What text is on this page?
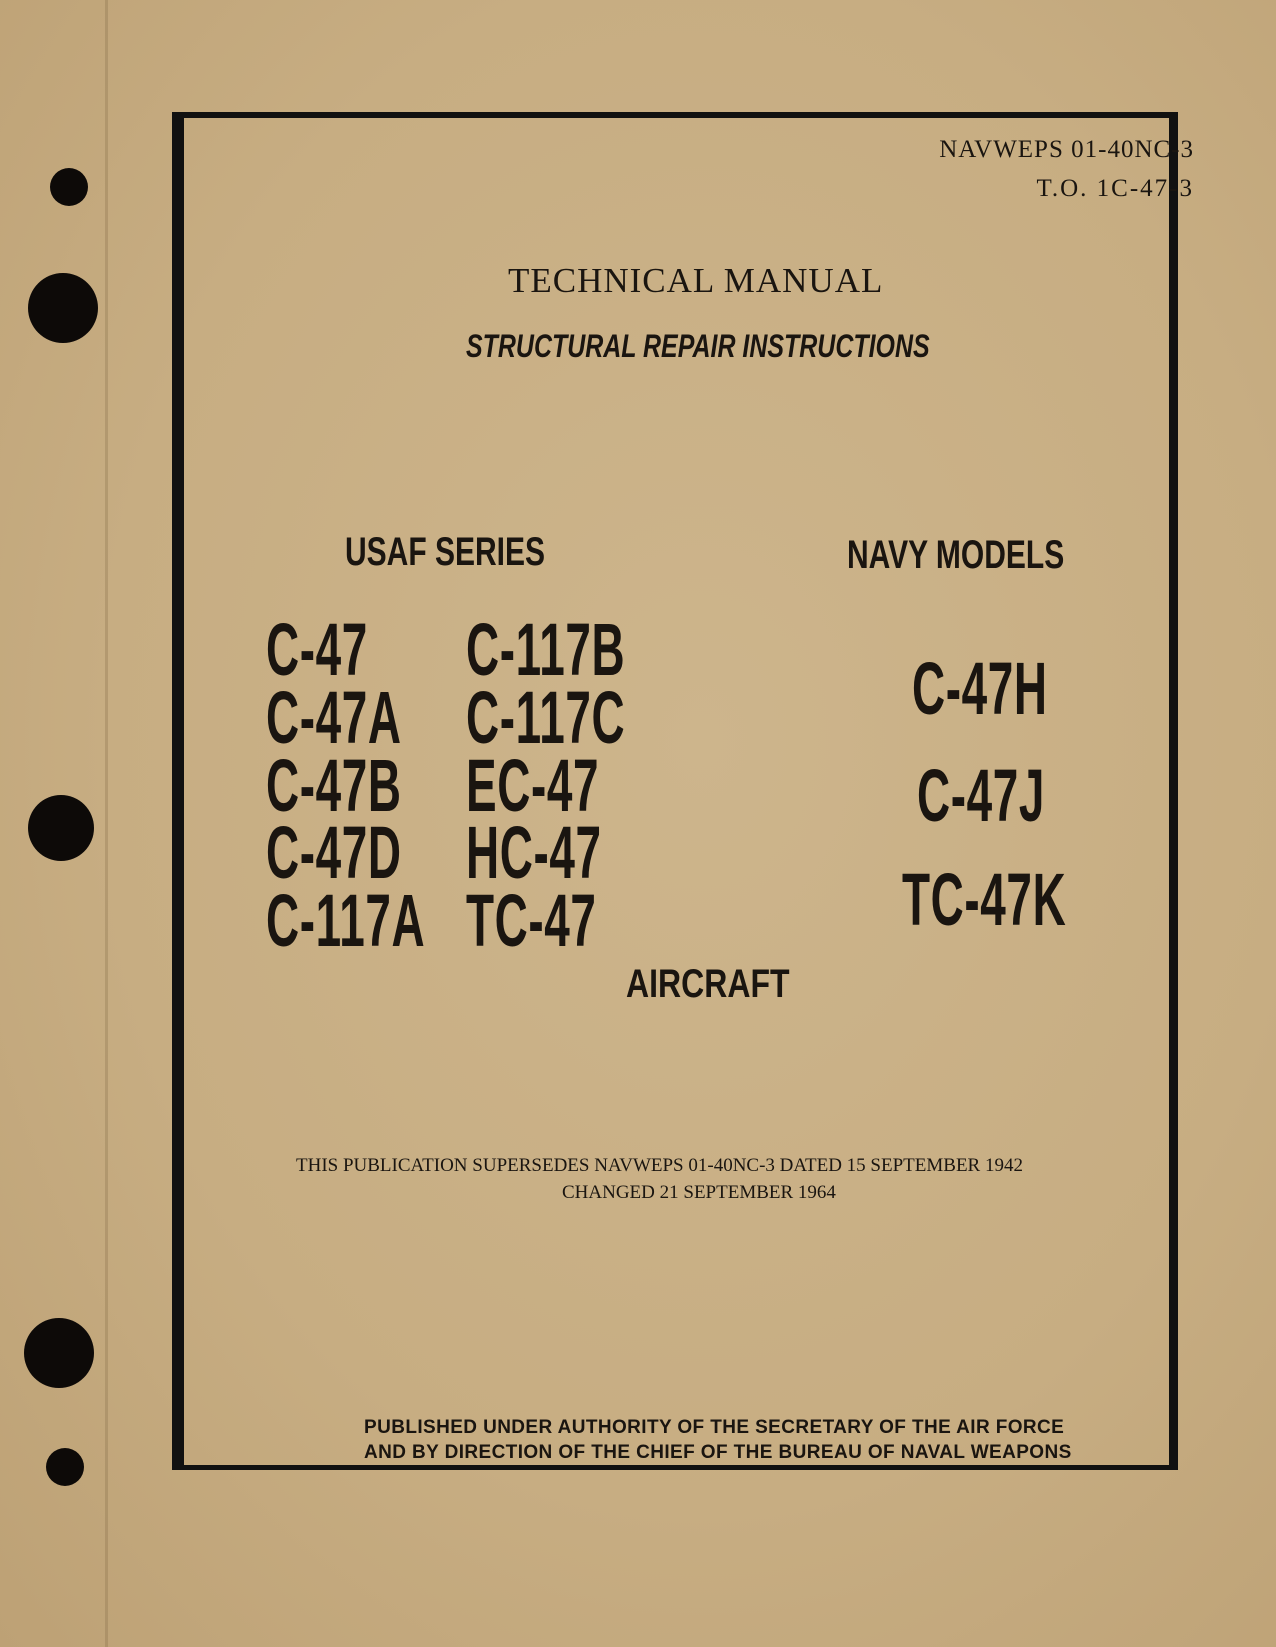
NAVWEPS 01-40NC-3
T.O. 1C-47-3
TECHNICAL MANUAL
STRUCTURAL REPAIR INSTRUCTIONS
USAF SERIES	NAVY MODELS
C-47
C-47A
C-47B
C-47D
C-117A
C-117B
C-117C
EC-47
HC-47
TC-47
C-47H
C-47J
TC-47K
AIRCRAFT
THIS PUBLICATION SUPERSEDES NAVWEPS 01-40NC-3 DATED 15 SEPTEMBER 1942
CHANGED 21 SEPTEMBER 1964
PUBLISHED UNDER AUTHORITY OF THE SECRETARY OF THE AIR FORCE
AND BY DIRECTION OF THE CHIEF OF THE BUREAU OF NAVAL WEAPONS
